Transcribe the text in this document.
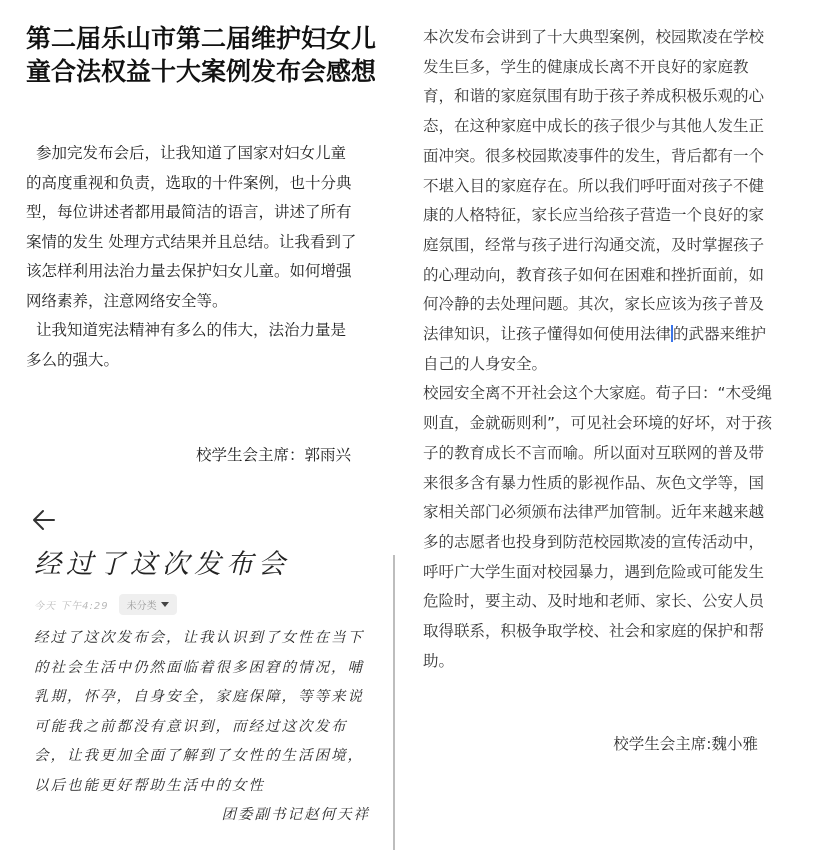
第二届乐山市第二届维护妇女儿童合法权益十大案例发布会感想

参加完发布会后，让我知道了国家对妇女儿童的高度重视和负责，选取的十件案例，也十分典型，每位讲述者都用最简洁的语言，讲述了所有案情的发生 处理方式结果并且总结。让我看到了该怎样利用法治力量去保护妇女儿童。如何增强网络素养，注意网络安全等。

让我知道宪法精神有多么的伟大，法治力量是多么的强大。

校学生会主席：郭雨兴
经过了这次发布会
今天 下午4:29 未分类

经过了这次发布会，让我认识到了女性在当下的社会生活中仍然面临着很多困窘的情况，哺乳期，怀孕，自身安全，家庭保障，等等来说可能我之前都没有意识到，而经过这次发布会，让我更加全面了解到了女性的生活困境，以后也能更好帮助生活中的女性

团委副书记赵何天祥

本次发布会讲到了十大典型案例，校园欺凌在学校发生巨多，学生的健康成长离不开良好的家庭教育，和谐的家庭氛围有助于孩子养成积极乐观的心态，在这种家庭中成长的孩子很少与其他人发生正面冲突。很多校园欺凌事件的发生，背后都有一个不堪入目的家庭存在。所以我们呼吁面对孩子不健康的人格特征，家长应当给孩子营造一个良好的家庭氛围，经常与孩子进行沟通交流，及时掌握孩子的心理动向，教育孩子如何在困难和挫折面前，如何冷静的去处理问题。其次，家长应该为孩子普及法律知识，让孩子懂得如何使用法律 的武器来维护自己的人身安全。

校园安全离不开社会这个大家庭。荀子曰：“木受绳则直，金就砺则利”，可见社会环境的好坏，对于孩子的教育成长不言而喻。所以面对互联网的普及带来很多含有暴力性质的影视作品、灰色文学等，国家相关部门必须颁布法律严加管制。近年来越来越多的志愿者也投身到防范校园欺凌的宣传活动中，呼吁广大学生面对校园暴力，遇到危险或可能发生危险时，要主动、及时地和老师、家长、公安人员取得联系，积极争取学校、社会和家庭的保护和帮助。

校学生会主席:魏小雅
